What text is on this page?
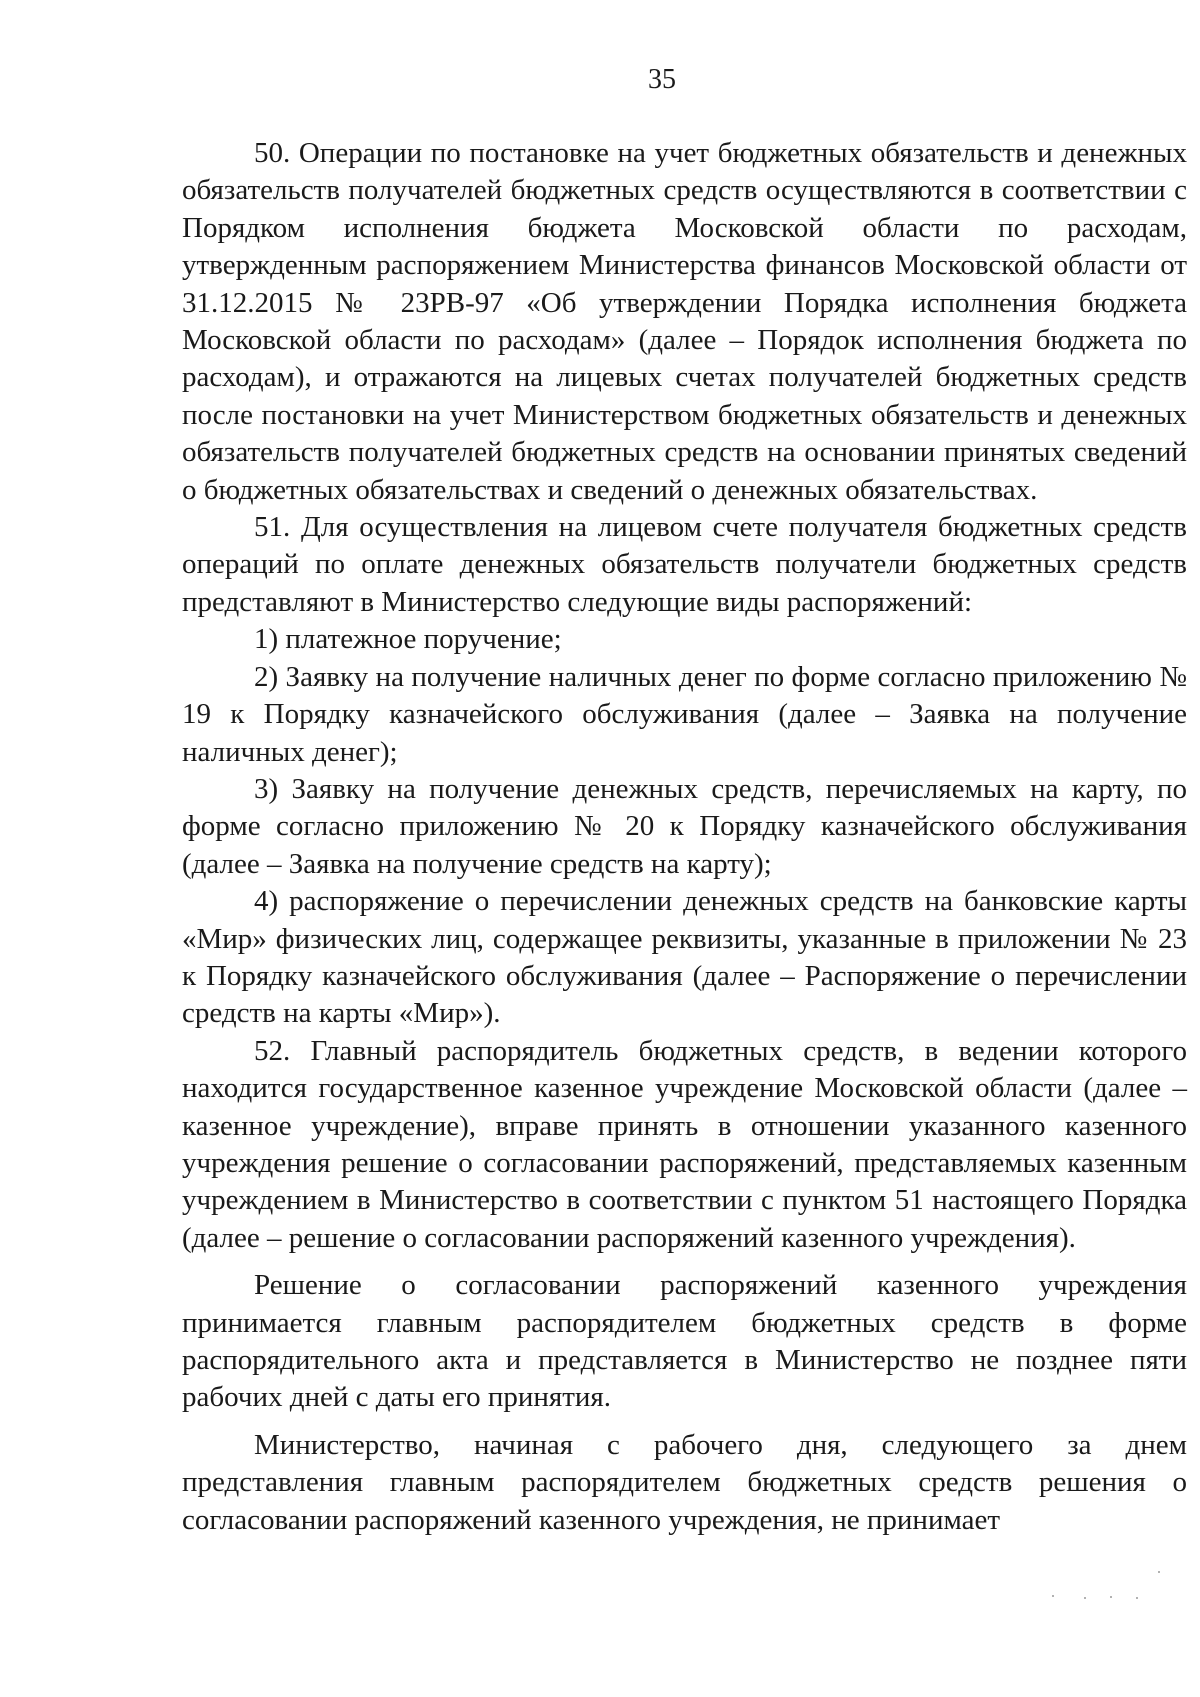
35

50. Операции по постановке на учет бюджетных обязательств и денежных обязательств получателей бюджетных средств осуществляются в соответствии с Порядком исполнения бюджета Московской области по расходам, утвержденным распоряжением Министерства финансов Московской области от 31.12.2015 № 23РВ-97 «Об утверждении Порядка исполнения бюджета Московской области по расходам» (далее – Порядок исполнения бюджета по расходам), и отражаются на лицевых счетах получателей бюджетных средств после постановки на учет Министерством бюджетных обязательств и денежных обязательств получателей бюджетных средств на основании принятых сведений о бюджетных обязательствах и сведений о денежных обязательствах.

51. Для осуществления на лицевом счете получателя бюджетных средств операций по оплате денежных обязательств получатели бюджетных средств представляют в Министерство следующие виды распоряжений:

1) платежное поручение;

2) Заявку на получение наличных денег по форме согласно приложению № 19 к Порядку казначейского обслуживания (далее – Заявка на получение наличных денег);

3) Заявку на получение денежных средств, перечисляемых на карту, по форме согласно приложению № 20 к Порядку казначейского обслуживания (далее – Заявка на получение средств на карту);

4) распоряжение о перечислении денежных средств на банковские карты «Мир» физических лиц, содержащее реквизиты, указанные в приложении № 23 к Порядку казначейского обслуживания (далее – Распоряжение о перечислении средств на карты «Мир»).

52. Главный распорядитель бюджетных средств, в ведении которого находится государственное казенное учреждение Московской области (далее – казенное учреждение), вправе принять в отношении указанного казенного учреждения решение о согласовании распоряжений, представляемых казенным учреждением в Министерство в соответствии с пунктом 51 настоящего Порядка (далее – решение о согласовании распоряжений казенного учреждения).

Решение о согласовании распоряжений казенного учреждения принимается главным распорядителем бюджетных средств в форме распорядительного акта и представляется в Министерство не позднее пяти рабочих дней с даты его принятия.

Министерство, начиная с рабочего дня, следующего за днем представления главным распорядителем бюджетных средств решения о согласовании распоряжений казенного учреждения, не принимает
